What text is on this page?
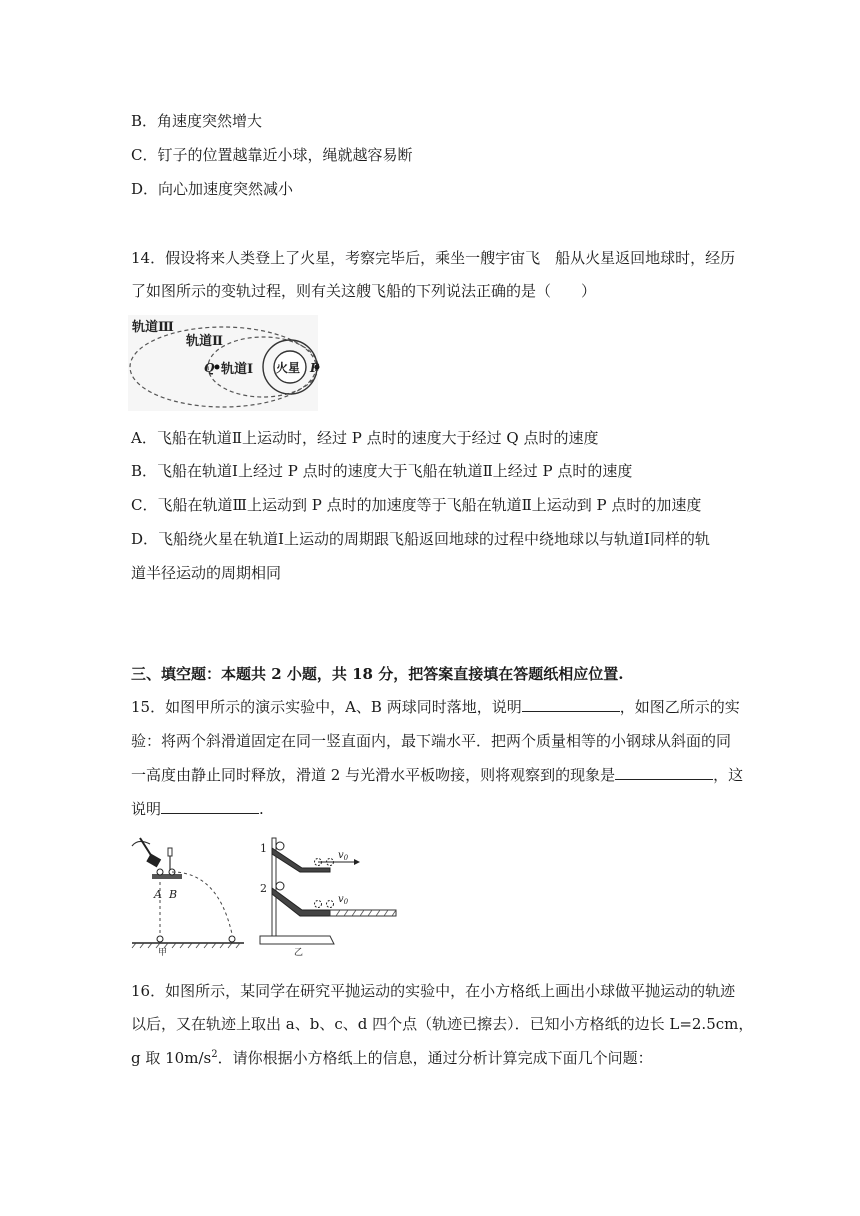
B．角速度突然增大
C．钉子的位置越靠近小球，绳就越容易断
D．向心加速度突然减小
14．假设将来人类登上了火星，考察完毕后，乘坐一艘宇宙飞　船从火星返回地球时，经历
了如图所示的变轨过程，则有关这艘飞船的下列说法正确的是（　　）
轨道Ⅲ
轨道Ⅱ
轨道Ⅰ 火星
Q	P
A．飞船在轨道Ⅱ上运动时，经过 P 点时的速度大于经过 Q 点时的速度
B．飞船在轨道Ⅰ上经过 P 点时的速度大于飞船在轨道Ⅱ上经过 P 点时的速度
C．飞船在轨道Ⅲ上运动到 P 点时的加速度等于飞船在轨道Ⅱ上运动到 P 点时的加速度
D．飞船绕火星在轨道Ⅰ上运动的周期跟飞船返回地球的过程中绕地球以与轨道Ⅰ同样的轨
道半径运动的周期相同
三、填空题：本题共 2 小题，共 18 分，把答案直接填在答题纸相应位置.
15．如图甲所示的演示实验中，A、B 两球同时落地，说明	，如图乙所示的实
验：将两个斜滑道固定在同一竖直面内，最下端水平．把两个质量相等的小钢球从斜面的同
一高度由静止同时释放，滑道 2 与光滑水平板吻接，则将观察到的现象是	，这
说明	.
A B
甲
1
2
$v_0$
$v_0$
乙
16．如图所示，某同学在研究平抛运动的实验中，在小方格纸上画出小球做平抛运动的轨迹
以后，又在轨迹上取出 a、b、c、d 四个点（轨迹已擦去）．已知小方格纸的边长 L=2.5cm，
g 取 $10m/s^2$．请你根据小方格纸上的信息，通过分析计算完成下面几个问题：
